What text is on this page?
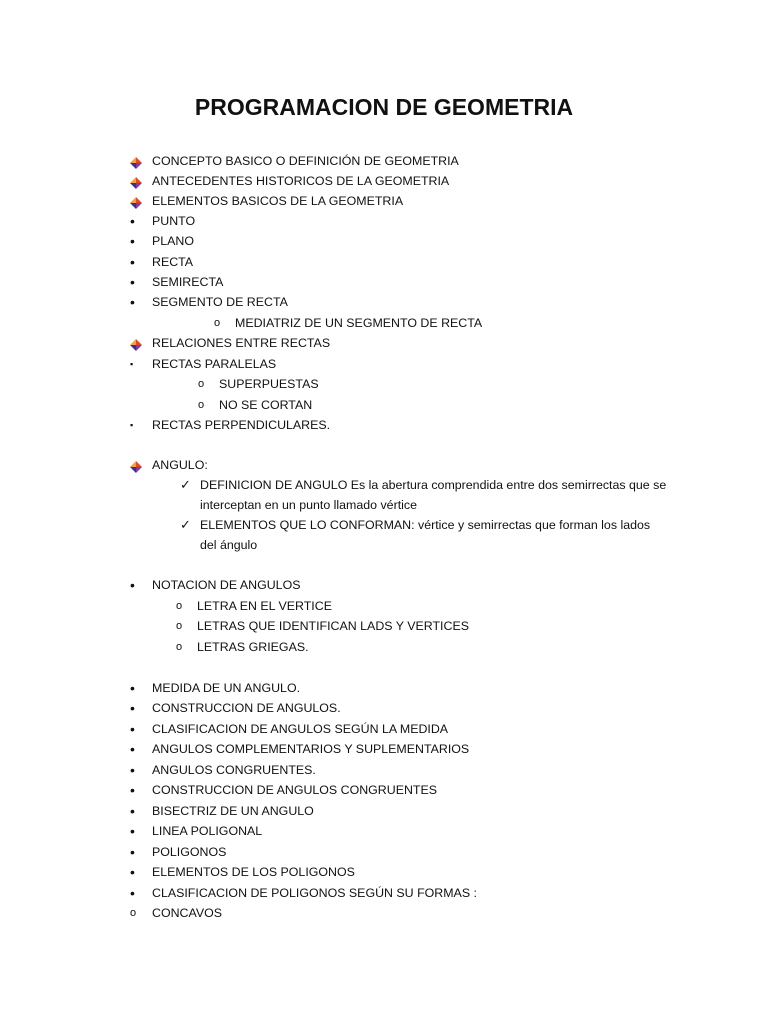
PROGRAMACION DE GEOMETRIA
CONCEPTO BASICO O DEFINICIÓN DE GEOMETRIA
ANTECEDENTES HISTORICOS DE LA GEOMETRIA
ELEMENTOS BASICOS DE LA GEOMETRIA
• PUNTO
• PLANO
• RECTA
• SEMIRECTA
• SEGMENTO DE RECTA
o MEDIATRIZ DE UN SEGMENTO DE RECTA
RELACIONES ENTRE RECTAS
▪ RECTAS PARALELAS
o SUPERPUESTAS
o NO SE CORTAN
▪ RECTAS PERPENDICULARES.
ANGULO:
✓ DEFINICION DE ANGULO Es la abertura comprendida entre dos semirrectas que se interceptan en un punto llamado vértice
✓ ELEMENTOS QUE LO CONFORMAN: vértice y semirrectas que forman los lados del ángulo
• NOTACION DE ANGULOS
o LETRA EN EL VERTICE
o LETRAS QUE IDENTIFICAN LADS Y VERTICES
o LETRAS GRIEGAS.
• MEDIDA DE UN ANGULO.
• CONSTRUCCION DE ANGULOS.
• CLASIFICACION DE ANGULOS SEGÚN LA MEDIDA
• ANGULOS COMPLEMENTARIOS Y SUPLEMENTARIOS
• ANGULOS CONGRUENTES.
• CONSTRUCCION DE ANGULOS CONGRUENTES
• BISECTRIZ DE UN ANGULO
• LINEA POLIGONAL
• POLIGONOS
• ELEMENTOS DE LOS POLIGONOS
• CLASIFICACION DE POLIGONOS SEGÚN SU FORMAS :
o CONCAVOS
